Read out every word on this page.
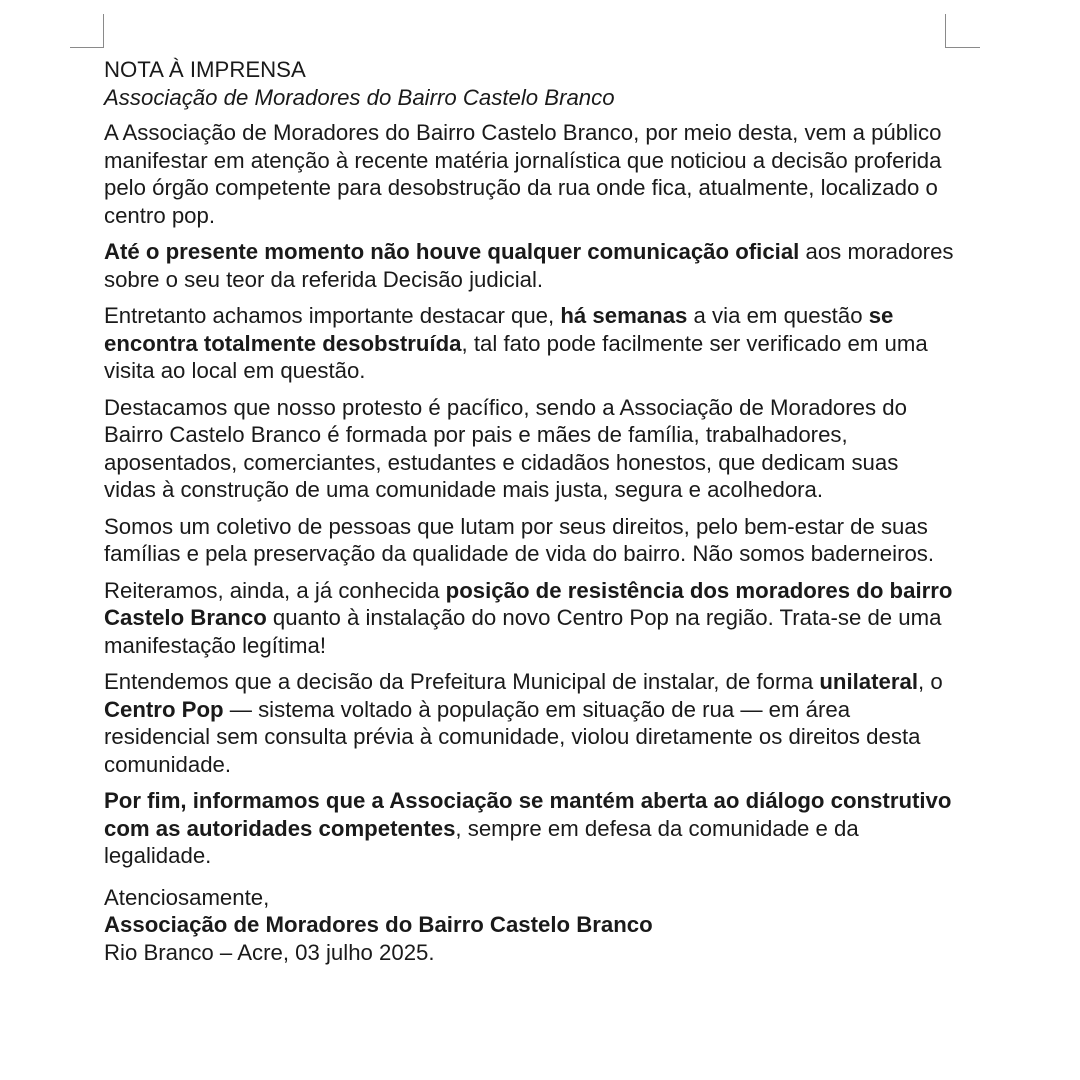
NOTA À IMPRENSA
Associação de Moradores do Bairro Castelo Branco

A Associação de Moradores do Bairro Castelo Branco, por meio desta, vem a público manifestar em atenção à recente matéria jornalística que noticiou a decisão proferida pelo órgão competente para desobstrução da rua onde fica, atualmente, localizado o centro pop.

Até o presente momento não houve qualquer comunicação oficial aos moradores sobre o seu teor da referida Decisão judicial.

Entretanto achamos importante destacar que, há semanas a via em questão se encontra totalmente desobstruída, tal fato pode facilmente ser verificado em uma visita ao local em questão.

Destacamos que nosso protesto é pacífico, sendo a Associação de Moradores do Bairro Castelo Branco é formada por pais e mães de família, trabalhadores, aposentados, comerciantes, estudantes e cidadãos honestos, que dedicam suas vidas à construção de uma comunidade mais justa, segura e acolhedora.

Somos um coletivo de pessoas que lutam por seus direitos, pelo bem-estar de suas famílias e pela preservação da qualidade de vida do bairro. Não somos baderneiros.

Reiteramos, ainda, a já conhecida posição de resistência dos moradores do bairro Castelo Branco quanto à instalação do novo Centro Pop na região. Trata-se de uma manifestação legítima!

Entendemos que a decisão da Prefeitura Municipal de instalar, de forma unilateral, o Centro Pop — sistema voltado à população em situação de rua — em área residencial sem consulta prévia à comunidade, violou diretamente os direitos desta comunidade.

Por fim, informamos que a Associação se mantém aberta ao diálogo construtivo com as autoridades competentes, sempre em defesa da comunidade e da legalidade.

Atenciosamente,
Associação de Moradores do Bairro Castelo Branco
Rio Branco – Acre, 03 julho 2025.
